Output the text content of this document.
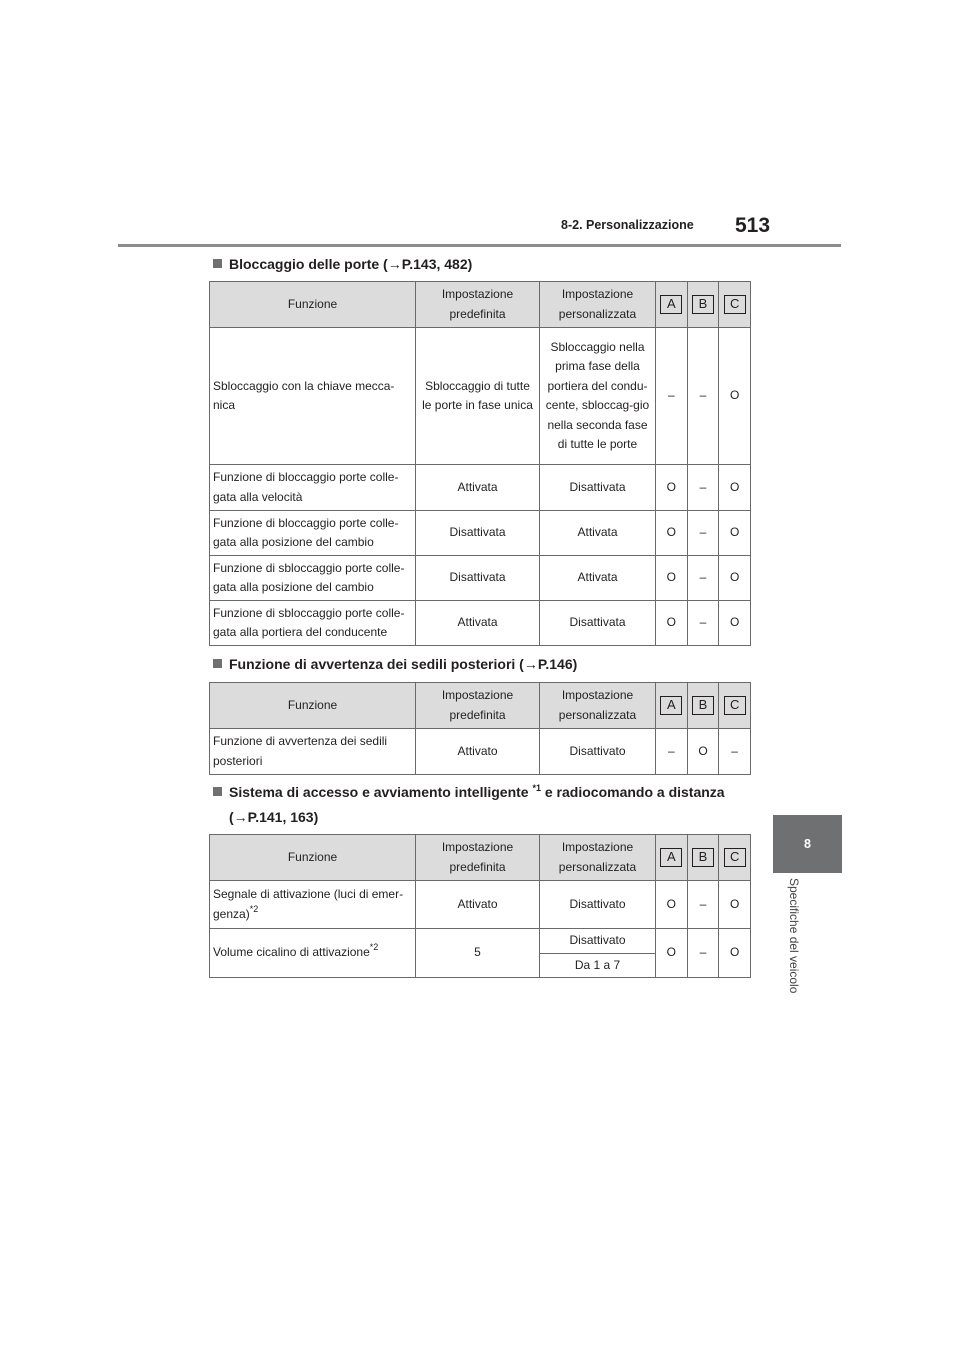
8-2. Personalizzazione 513
8
Specifiche del veicolo
Bloccaggio delle porte (→P.143, 482)
Funzione	Impostazione predefinita	Impostazione personalizzata	A	B	C
Sbloccaggio con la chiave mecca-nica	Sbloccaggio di tutte le porte in fase unica	Sbloccaggio nella prima fase della portiera del condu-cente, sbloccag-gio nella seconda fase di tutte le porte	–	–	O
Funzione di bloccaggio porte colle-gata alla velocità	Attivata	Disattivata	O	–	O
Funzione di bloccaggio porte colle-gata alla posizione del cambio	Disattivata	Attivata	O	–	O
Funzione di sbloccaggio porte colle-gata alla posizione del cambio	Disattivata	Attivata	O	–	O
Funzione di sbloccaggio porte colle-gata alla portiera del conducente	Attivata	Disattivata	O	–	O
Funzione di avvertenza dei sedili posteriori (→P.146)
Funzione	Impostazione predefinita	Impostazione personalizzata	A	B	C
Funzione di avvertenza dei sedili posteriori	Attivato	Disattivato	–	O	–
Sistema di accesso e avviamento intelligente $^{*1}$ e radiocomando a distanza
(→P.141, 163)
Funzione	Impostazione predefinita	Impostazione personalizzata	A	B	C
Segnale di attivazione (luci di emer-genza)$^{*2}$	Attivato	Disattivato	O	–	O
Volume cicalino di attivazione$^{*2}$	5	Disattivato	O	–	O
		Da 1 a 7			
